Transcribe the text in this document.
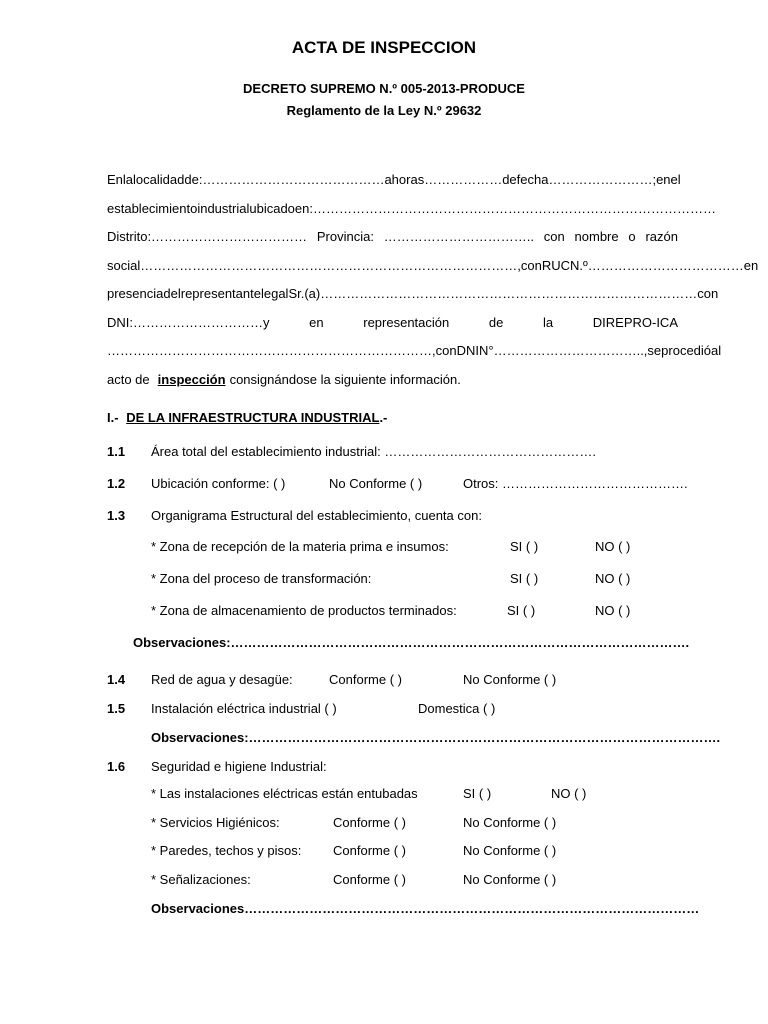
ACTA DE INSPECCION
DECRETO SUPREMO N.º 005-2013-PRODUCE
Reglamento de la Ley N.º 29632
En la localidad de: …………………………………… a horas………………de fecha……………………; en el
establecimiento industrial ubicado en: …………………………………………………………………………………
Distrito:……………………………… Provincia: …………………………….. con nombre o razón
social……………………………………………………………………………, con RUC N.º ……………………………… en
presencia del representante legal Sr.(a)…………………………………………………………………………… con
DNI:…………………………y	en	representación	de	la	DIREPRO-ICA
…………………………………………………………………, con DNI N° …………………………….., se procedió al
acto de inspección consignándose la siguiente información.
I.- DE LA INFRAESTRUCTURA INDUSTRIAL.-
1.1 Área total del establecimiento industrial: ………………………………………….
1.2 Ubicación conforme: ( )	No Conforme ( )	Otros: …………………………………….
1.3 Organigrama Estructural del establecimiento, cuenta con:
* Zona de recepción de la materia prima e insumos:	SI ( )	NO ( )
* Zona del proceso de transformación:	SI ( )	NO ( )
* Zona de almacenamiento de productos terminados:	SI ( )	NO ( )
Observaciones:…………………………………………………………………………………………….
1.4 Red de agua y desagüe:	Conforme ( )	No Conforme ( )
1.5 Instalación eléctrica industrial ( )	Domestica ( )
Observaciones:……………………………………………………………………………………………….
1.6 Seguridad e higiene Industrial:
* Las instalaciones eléctricas están entubadas	SI ( )	NO ( )
* Servicios Higiénicos:	Conforme ( )	No Conforme ( )
* Paredes, techos y pisos: Conforme ( )	No Conforme ( )
* Señalizaciones:	Conforme ( )	No Conforme ( )
Observaciones……………………………………………………………………………………………
